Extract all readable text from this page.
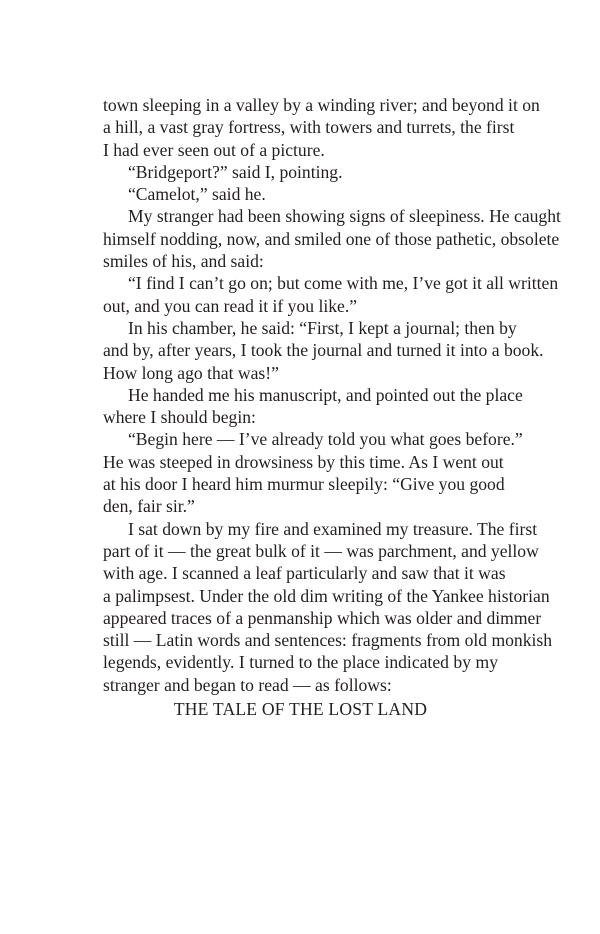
town sleeping in a valley by a winding river; and beyond it on
a hill, a vast gray fortress, with towers and turrets, the first
I had ever seen out of a picture.
“Bridgeport?” said I, pointing.
“Camelot,” said he.
My stranger had been showing signs of sleepiness. He caught
himself nodding, now, and smiled one of those pathetic, obsolete
smiles of his, and said:
“I find I can’t go on; but come with me, I’ve got it all written
out, and you can read it if you like.”
In his chamber, he said: “First, I kept a journal; then by
and by, after years, I took the journal and turned it into a book.
How long ago that was!”
He handed me his manuscript, and pointed out the place
where I should begin:
“Begin here — I’ve already told you what goes before.”
He was steeped in drowsiness by this time. As I went out
at his door I heard him murmur sleepily: “Give you good
den, fair sir.”
I sat down by my fire and examined my treasure. The first
part of it — the great bulk of it — was parchment, and yellow
with age. I scanned a leaf particularly and saw that it was
a palimpsest. Under the old dim writing of the Yankee historian
appeared traces of a penmanship which was older and dimmer
still — Latin words and sentences: fragments from old monkish
legends, evidently. I turned to the place indicated by my
stranger and began to read — as follows:
THE TALE OF THE LOST LAND
